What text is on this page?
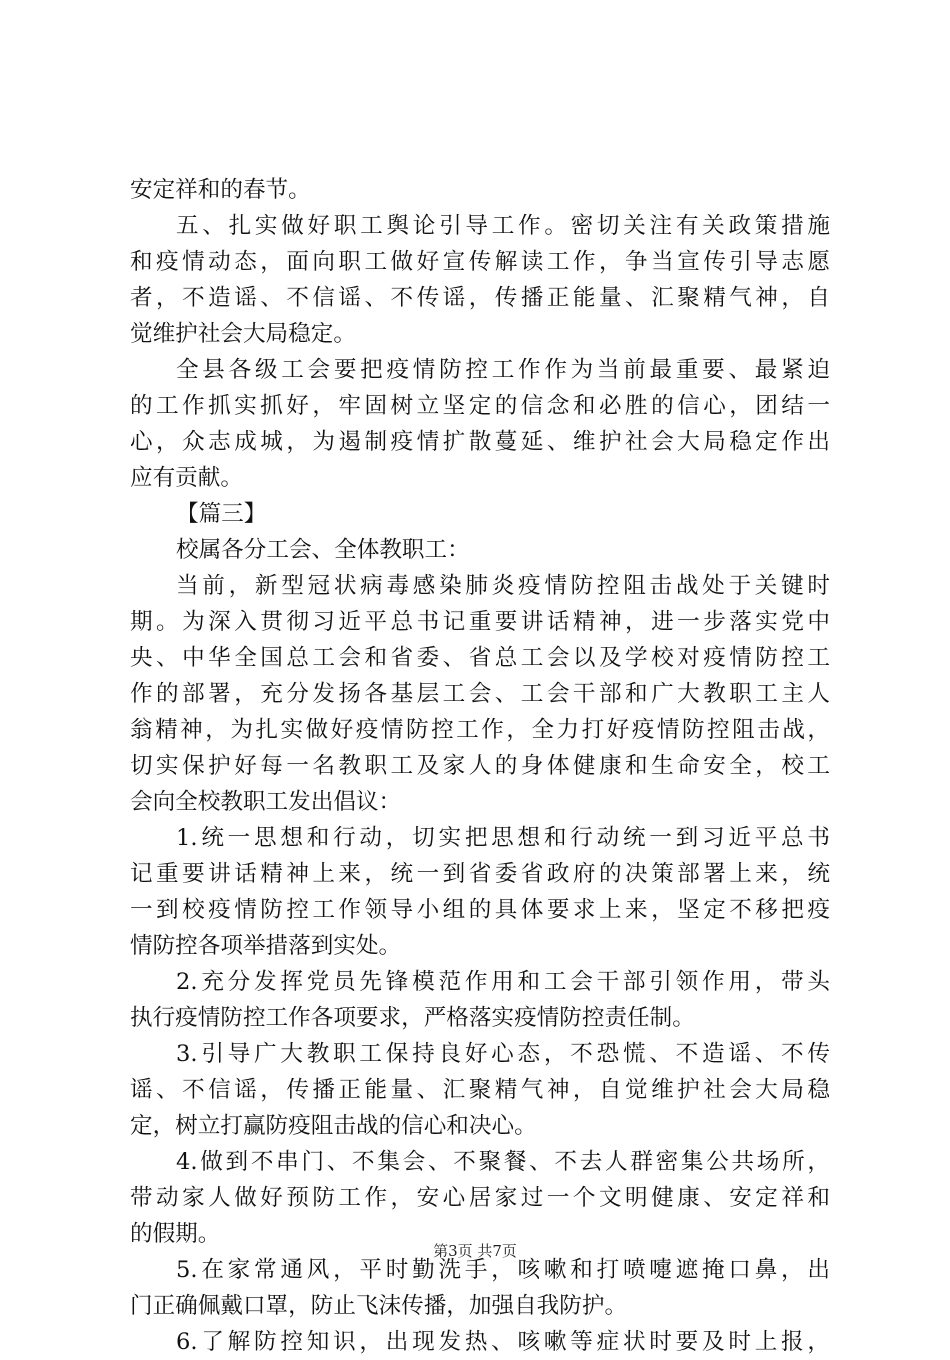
安定祥和的春节。
五、扎实做好职工舆论引导工作。密切关注有关政策措施
和疫情动态，面向职工做好宣传解读工作，争当宣传引导志愿
者，不造谣、不信谣、不传谣，传播正能量、汇聚精气神，自
觉维护社会大局稳定。
全县各级工会要把疫情防控工作作为当前最重要、最紧迫
的工作抓实抓好，牢固树立坚定的信念和必胜的信心，团结一
心，众志成城，为遏制疫情扩散蔓延、维护社会大局稳定作出
应有贡献。
【篇三】
校属各分工会、全体教职工：
当前，新型冠状病毒感染肺炎疫情防控阻击战处于关键时
期。为深入贯彻习近平总书记重要讲话精神，进一步落实党中
央、中华全国总工会和省委、省总工会以及学校对疫情防控工
作的部署，充分发扬各基层工会、工会干部和广大教职工主人
翁精神，为扎实做好疫情防控工作，全力打好疫情防控阻击战，
切实保护好每一名教职工及家人的身体健康和生命安全，校工
会向全校教职工发出倡议：
1.统一思想和行动，切实把思想和行动统一到习近平总书
记重要讲话精神上来，统一到省委省政府的决策部署上来，统
一到校疫情防控工作领导小组的具体要求上来，坚定不移把疫
情防控各项举措落到实处。
2.充分发挥党员先锋模范作用和工会干部引领作用，带头
执行疫情防控工作各项要求，严格落实疫情防控责任制。
3.引导广大教职工保持良好心态，不恐慌、不造谣、不传
谣、不信谣，传播正能量、汇聚精气神，自觉维护社会大局稳
定，树立打赢防疫阻击战的信心和决心。
4.做到不串门、不集会、不聚餐、不去人群密集公共场所，
带动家人做好预防工作，安心居家过一个文明健康、安定祥和
的假期。
5.在家常通风，平时勤洗手，咳嗽和打喷嚏遮掩口鼻，出
门正确佩戴口罩，防止飞沫传播，加强自我防护。
6.了解防控知识，出现发热、咳嗽等症状时要及时上报，
第3页 共7页
